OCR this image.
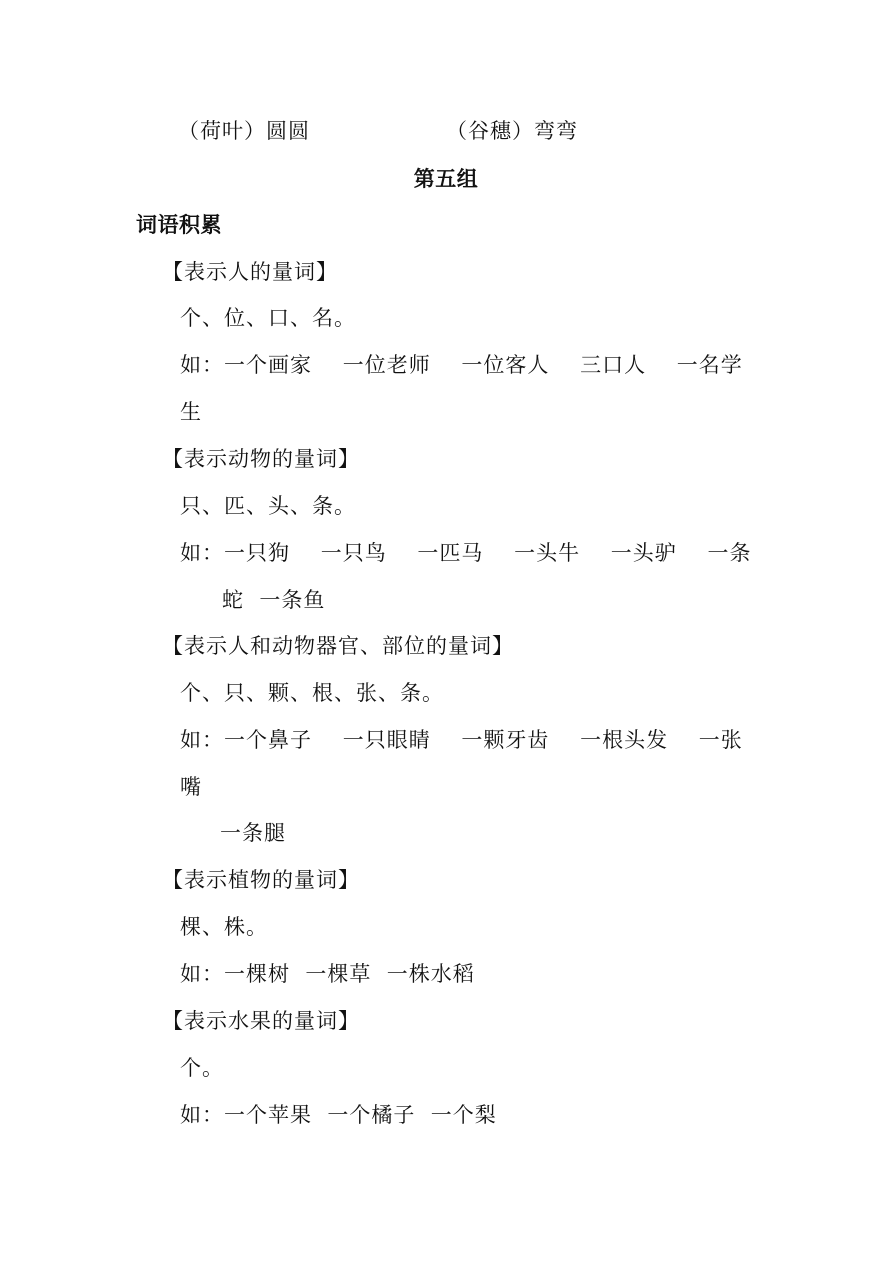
（荷叶）圆圆	（谷穗）弯弯
第五组
词语积累
【表示人的量词】
个、位、口、名。
如：一个画家    一位老师    一位客人    三口人    一名学
生
【表示动物的量词】
只、匹、头、条。
如：一只狗    一只鸟    一匹马    一头牛    一头驴    一条
蛇  一条鱼
【表示人和动物器官、部位的量词】
个、只、颗、根、张、条。
如：一个鼻子    一只眼睛    一颗牙齿    一根头发    一张
嘴
一条腿
【表示植物的量词】
棵、株。
如：一棵树  一棵草  一株水稻
【表示水果的量词】
个。
如：一个苹果  一个橘子  一个梨
